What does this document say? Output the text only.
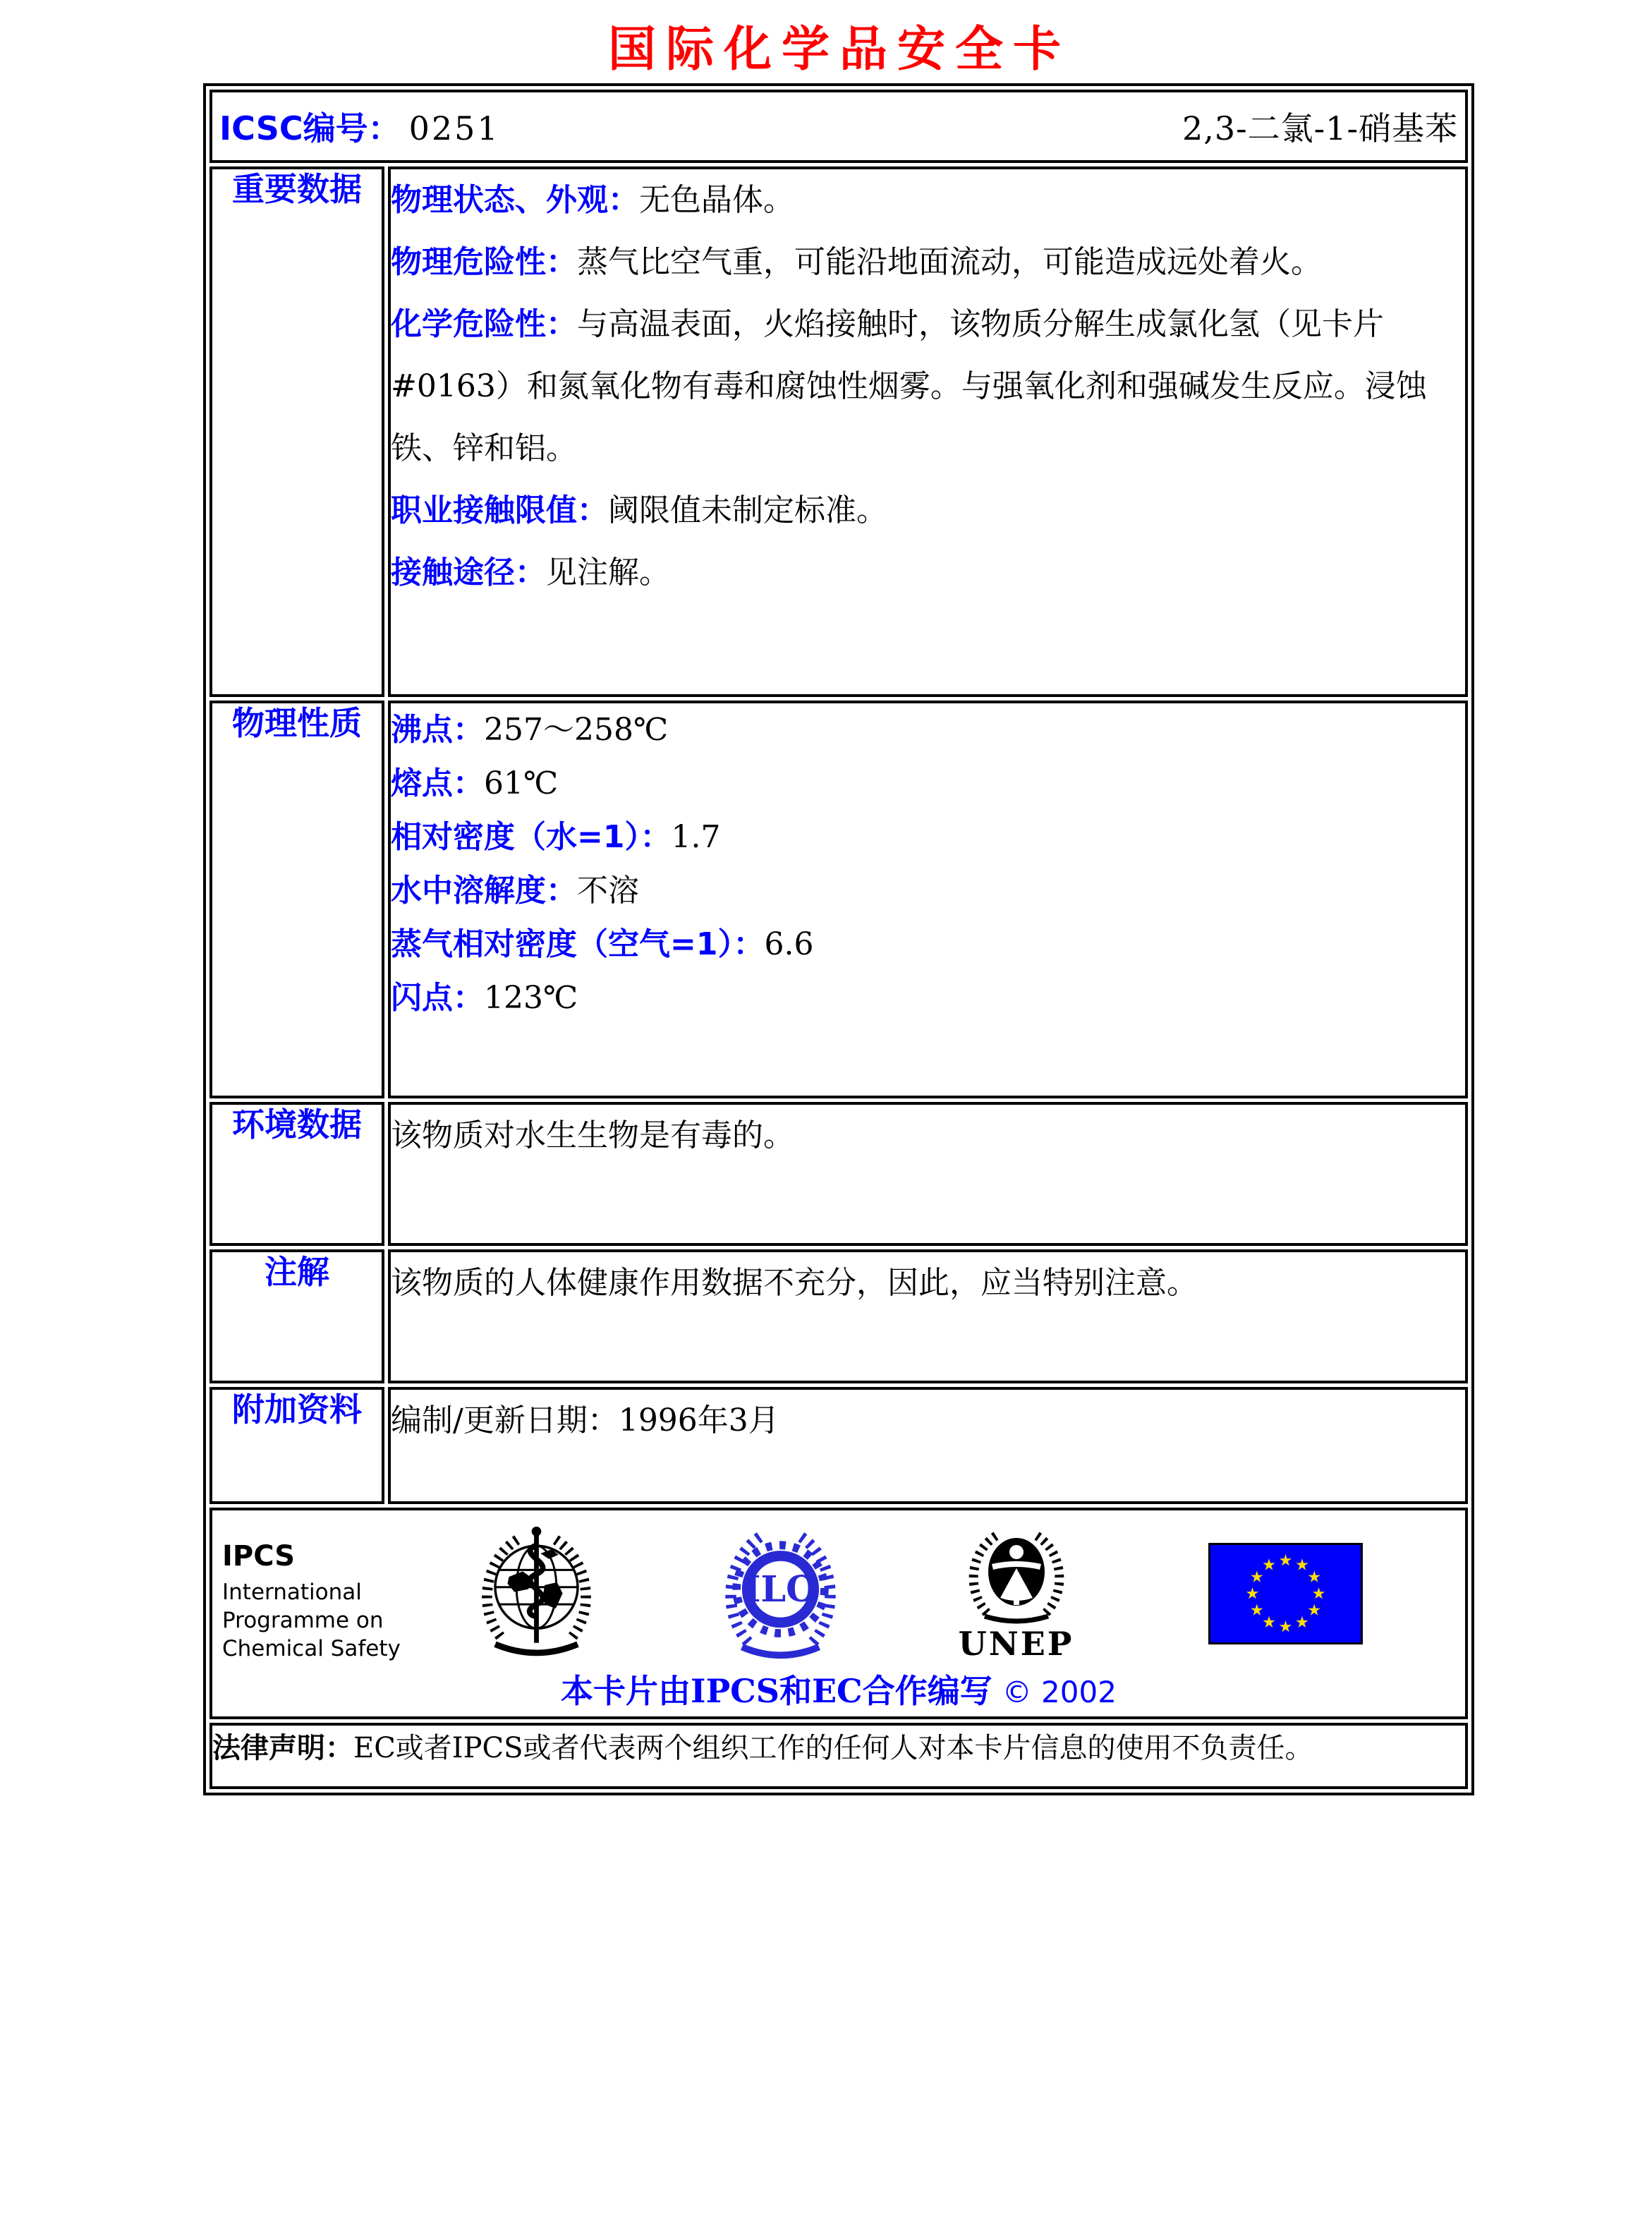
国际化学品安全卡
ICSC编号： 0251 2,3-二氯-1-硝基苯	

重要数据	物理状态、外观：无色晶体。

物理危险性：蒸气比空气重，可能沿地面流动，可能造成远处着火。

化学危险性：与高温表面，火焰接触时，该物质分解生成氯化氢（见卡片#0163）和氮氧化物有毒和腐蚀性烟雾。与强氧化剂和强碱发生反应。浸蚀铁、锌和铝。

职业接触限值：阈限值未制定标准。

接触途径：见注解。

物理性质	沸点：257～258℃

熔点：61℃

相对密度（水=1）：1.7

水中溶解度：不溶

蒸气相对密度（空气=1）：6.6

闪点：123℃

环境数据	该物质对水生生物是有毒的。

注解	该物质的人体健康作用数据不充分，因此，应当特别注意。

附加资料	编制/更新日期：1996年3月

IPCS
International
Programme on
Chemical Safety
ILO
UNEP
本卡片由IPCS和EC合作编写 © 2002

法律声明：EC或者IPCS或者代表两个组织工作的任何人对本卡片信息的使用不负责任。	
